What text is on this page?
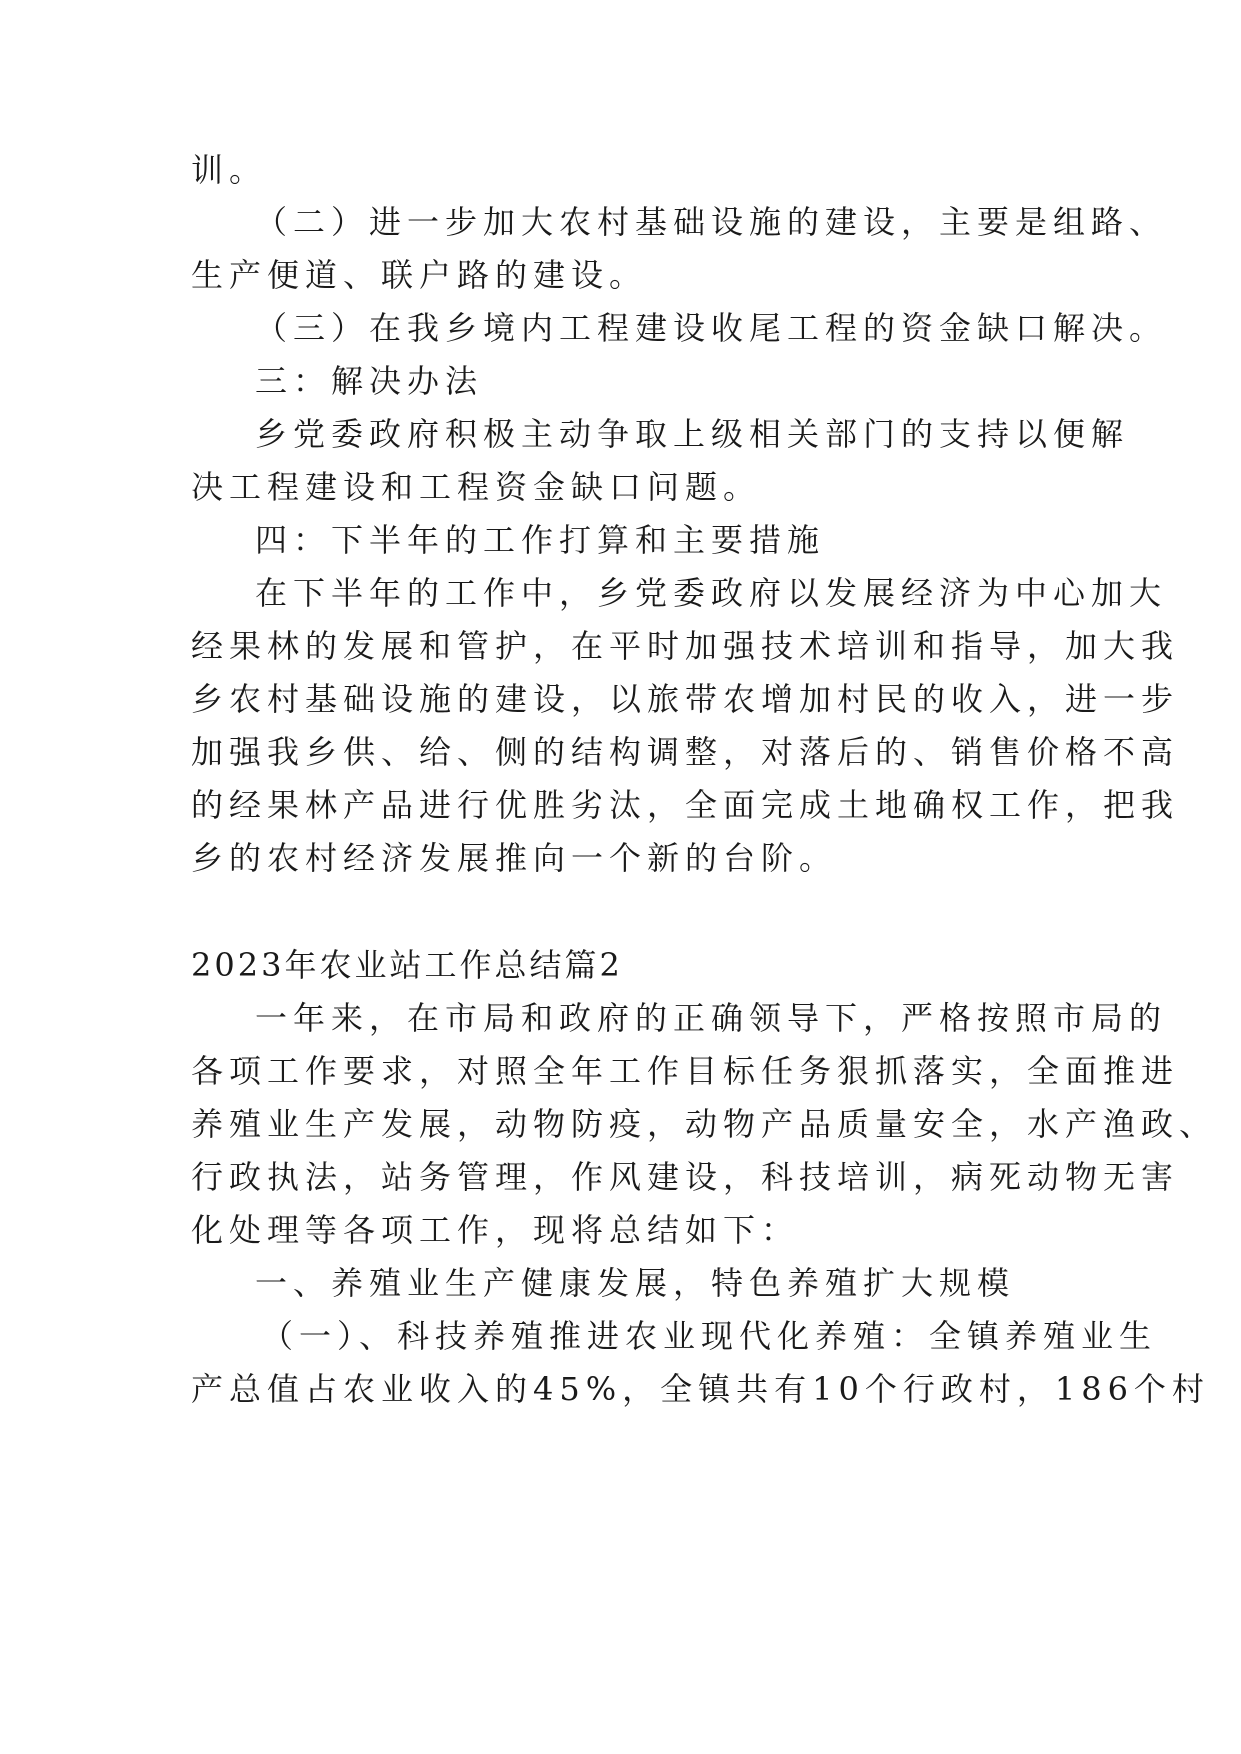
训。
（二）进一步加大农村基础设施的建设，主要是组路、
生产便道、联户路的建设。
（三）在我乡境内工程建设收尾工程的资金缺口解决。
三：解决办法
乡党委政府积极主动争取上级相关部门的支持以便解
决工程建设和工程资金缺口问题。
四：下半年的工作打算和主要措施
在下半年的工作中，乡党委政府以发展经济为中心加大
经果林的发展和管护，在平时加强技术培训和指导，加大我
乡农村基础设施的建设，以旅带农增加村民的收入，进一步
加强我乡供、给、侧的结构调整，对落后的、销售价格不高
的经果林产品进行优胜劣汰，全面完成土地确权工作，把我
乡的农村经济发展推向一个新的台阶。
2023年农业站工作总结篇2
一年来，在市局和政府的正确领导下，严格按照市局的
各项工作要求，对照全年工作目标任务狠抓落实，全面推进
养殖业生产发展，动物防疫，动物产品质量安全，水产渔政、
行政执法，站务管理，作风建设，科技培训，病死动物无害
化处理等各项工作，现将总结如下：
一、养殖业生产健康发展，特色养殖扩大规模
（一）、科技养殖推进农业现代化养殖：全镇养殖业生
产总值占农业收入的45%，全镇共有10个行政村，186个村
